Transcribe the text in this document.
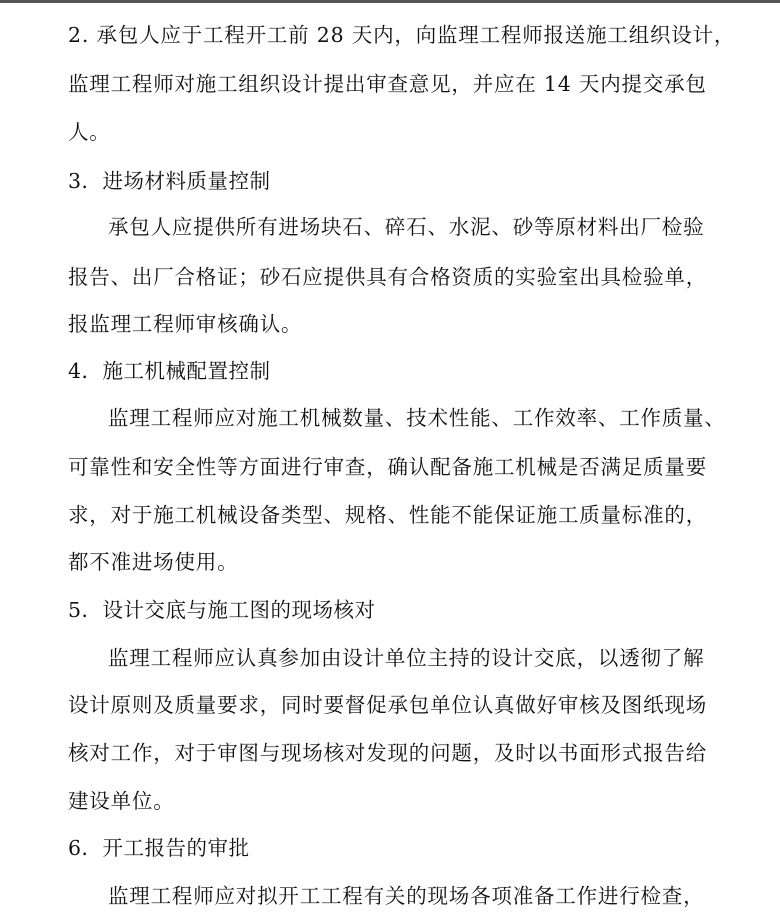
2. 承包人应于工程开工前 28 天内，向监理工程师报送施工组织设计，
监理工程师对施工组织设计提出审查意见，并应在 14 天内提交承包
人。
3．进场材料质量控制
承包人应提供所有进场块石、碎石、水泥、砂等原材料出厂检验
报告、出厂合格证；砂石应提供具有合格资质的实验室出具检验单，
报监理工程师审核确认。
4．施工机械配置控制
监理工程师应对施工机械数量、技术性能、工作效率、工作质量、
可靠性和安全性等方面进行审查，确认配备施工机械是否满足质量要
求，对于施工机械设备类型、规格、性能不能保证施工质量标准的，
都不准进场使用。
5．设计交底与施工图的现场核对
监理工程师应认真参加由设计单位主持的设计交底，以透彻了解
设计原则及质量要求，同时要督促承包单位认真做好审核及图纸现场
核对工作，对于审图与现场核对发现的问题，及时以书面形式报告给
建设单位。
6．开工报告的审批
监理工程师应对拟开工工程有关的现场各项准备工作进行检查，
